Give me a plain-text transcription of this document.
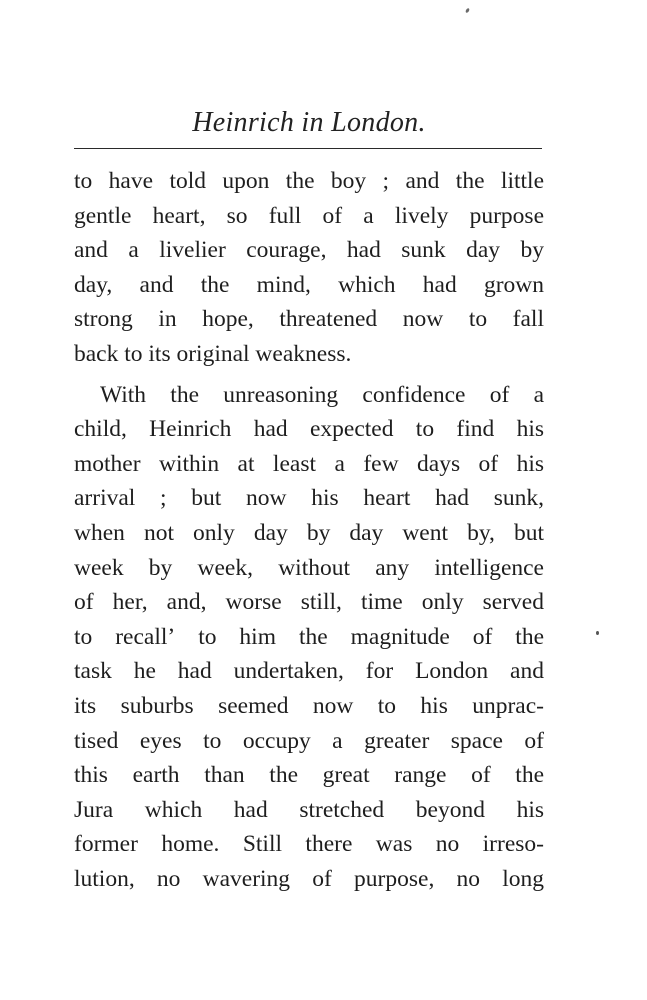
Heinrich in London.
to have told upon the boy ; and the little
gentle heart, so full of a lively purpose
and a livelier courage, had sunk day by
day, and the mind, which had grown
strong in hope, threatened now to fall
back to its original weakness.
With the unreasoning confidence of a
child, Heinrich had expected to find his
mother within at least a few days of his
arrival ; but now his heart had sunk,
when not only day by day went by, but
week by week, without any intelligence
of her, and, worse still, time only served
to recallʼ to him the magnitude of the
task he had undertaken, for London and
its suburbs seemed now to his unprac-
tised eyes to occupy a greater space of
this earth than the great range of the
Jura which had stretched beyond his
former home. Still there was no irreso-
lution, no wavering of purpose, no long
